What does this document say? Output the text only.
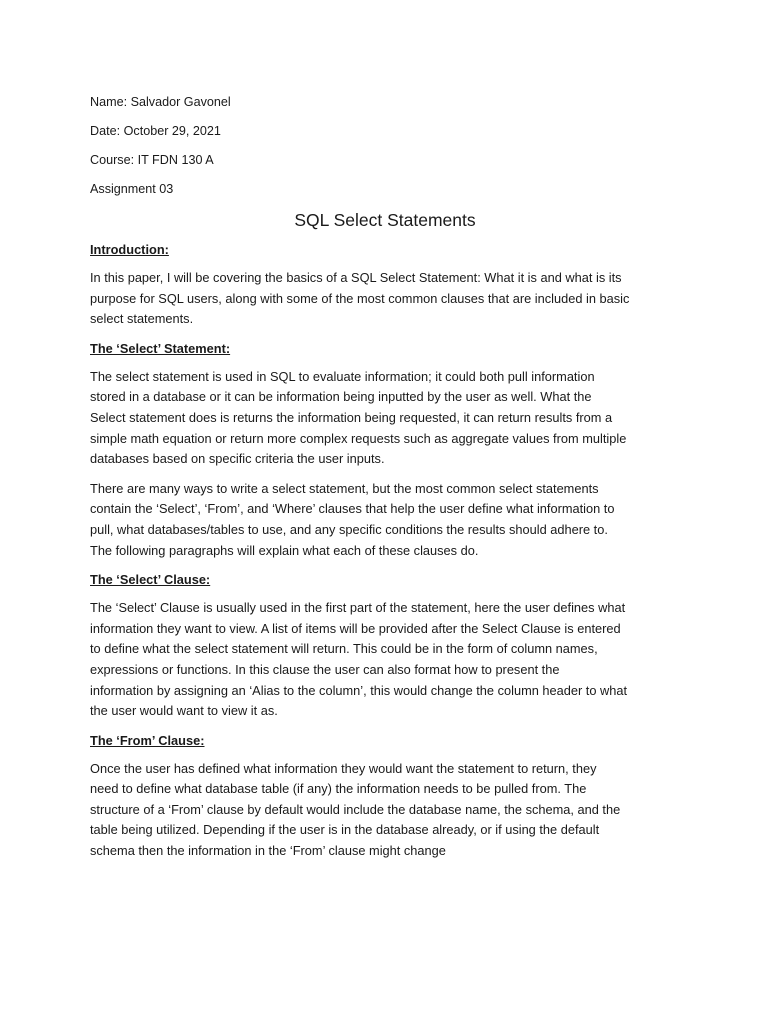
Name: Salvador Gavonel
Date: October 29, 2021
Course: IT FDN 130 A
Assignment 03
SQL Select Statements
Introduction:
In this paper, I will be covering the basics of a SQL Select Statement: What it is and what is its
purpose for SQL users, along with some of the most common clauses that are included in basic
select statements.
The ‘Select’ Statement:
The select statement is used in SQL to evaluate information; it could both pull information
stored in a database or it can be information being inputted by the user as well. What the
Select statement does is returns the information being requested, it can return results from a
simple math equation or return more complex requests such as aggregate values from multiple
databases based on specific criteria the user inputs.
There are many ways to write a select statement, but the most common select statements
contain the ‘Select’, ‘From’, and ‘Where’ clauses that help the user define what information to
pull, what databases/tables to use, and any specific conditions the results should adhere to.
The following paragraphs will explain what each of these clauses do.
The ‘Select’ Clause:
The ‘Select’ Clause is usually used in the first part of the statement, here the user defines what
information they want to view. A list of items will be provided after the Select Clause is entered
to define what the select statement will return. This could be in the form of column names,
expressions or functions. In this clause the user can also format how to present the
information by assigning an ‘Alias to the column’, this would change the column header to what
the user would want to view it as.
The ‘From’ Clause:
Once the user has defined what information they would want the statement to return, they
need to define what database table (if any) the information needs to be pulled from. The
structure of a ‘From’ clause by default would include the database name, the schema, and the
table being utilized. Depending if the user is in the database already, or if using the default
schema then the information in the ‘From’ clause might change
